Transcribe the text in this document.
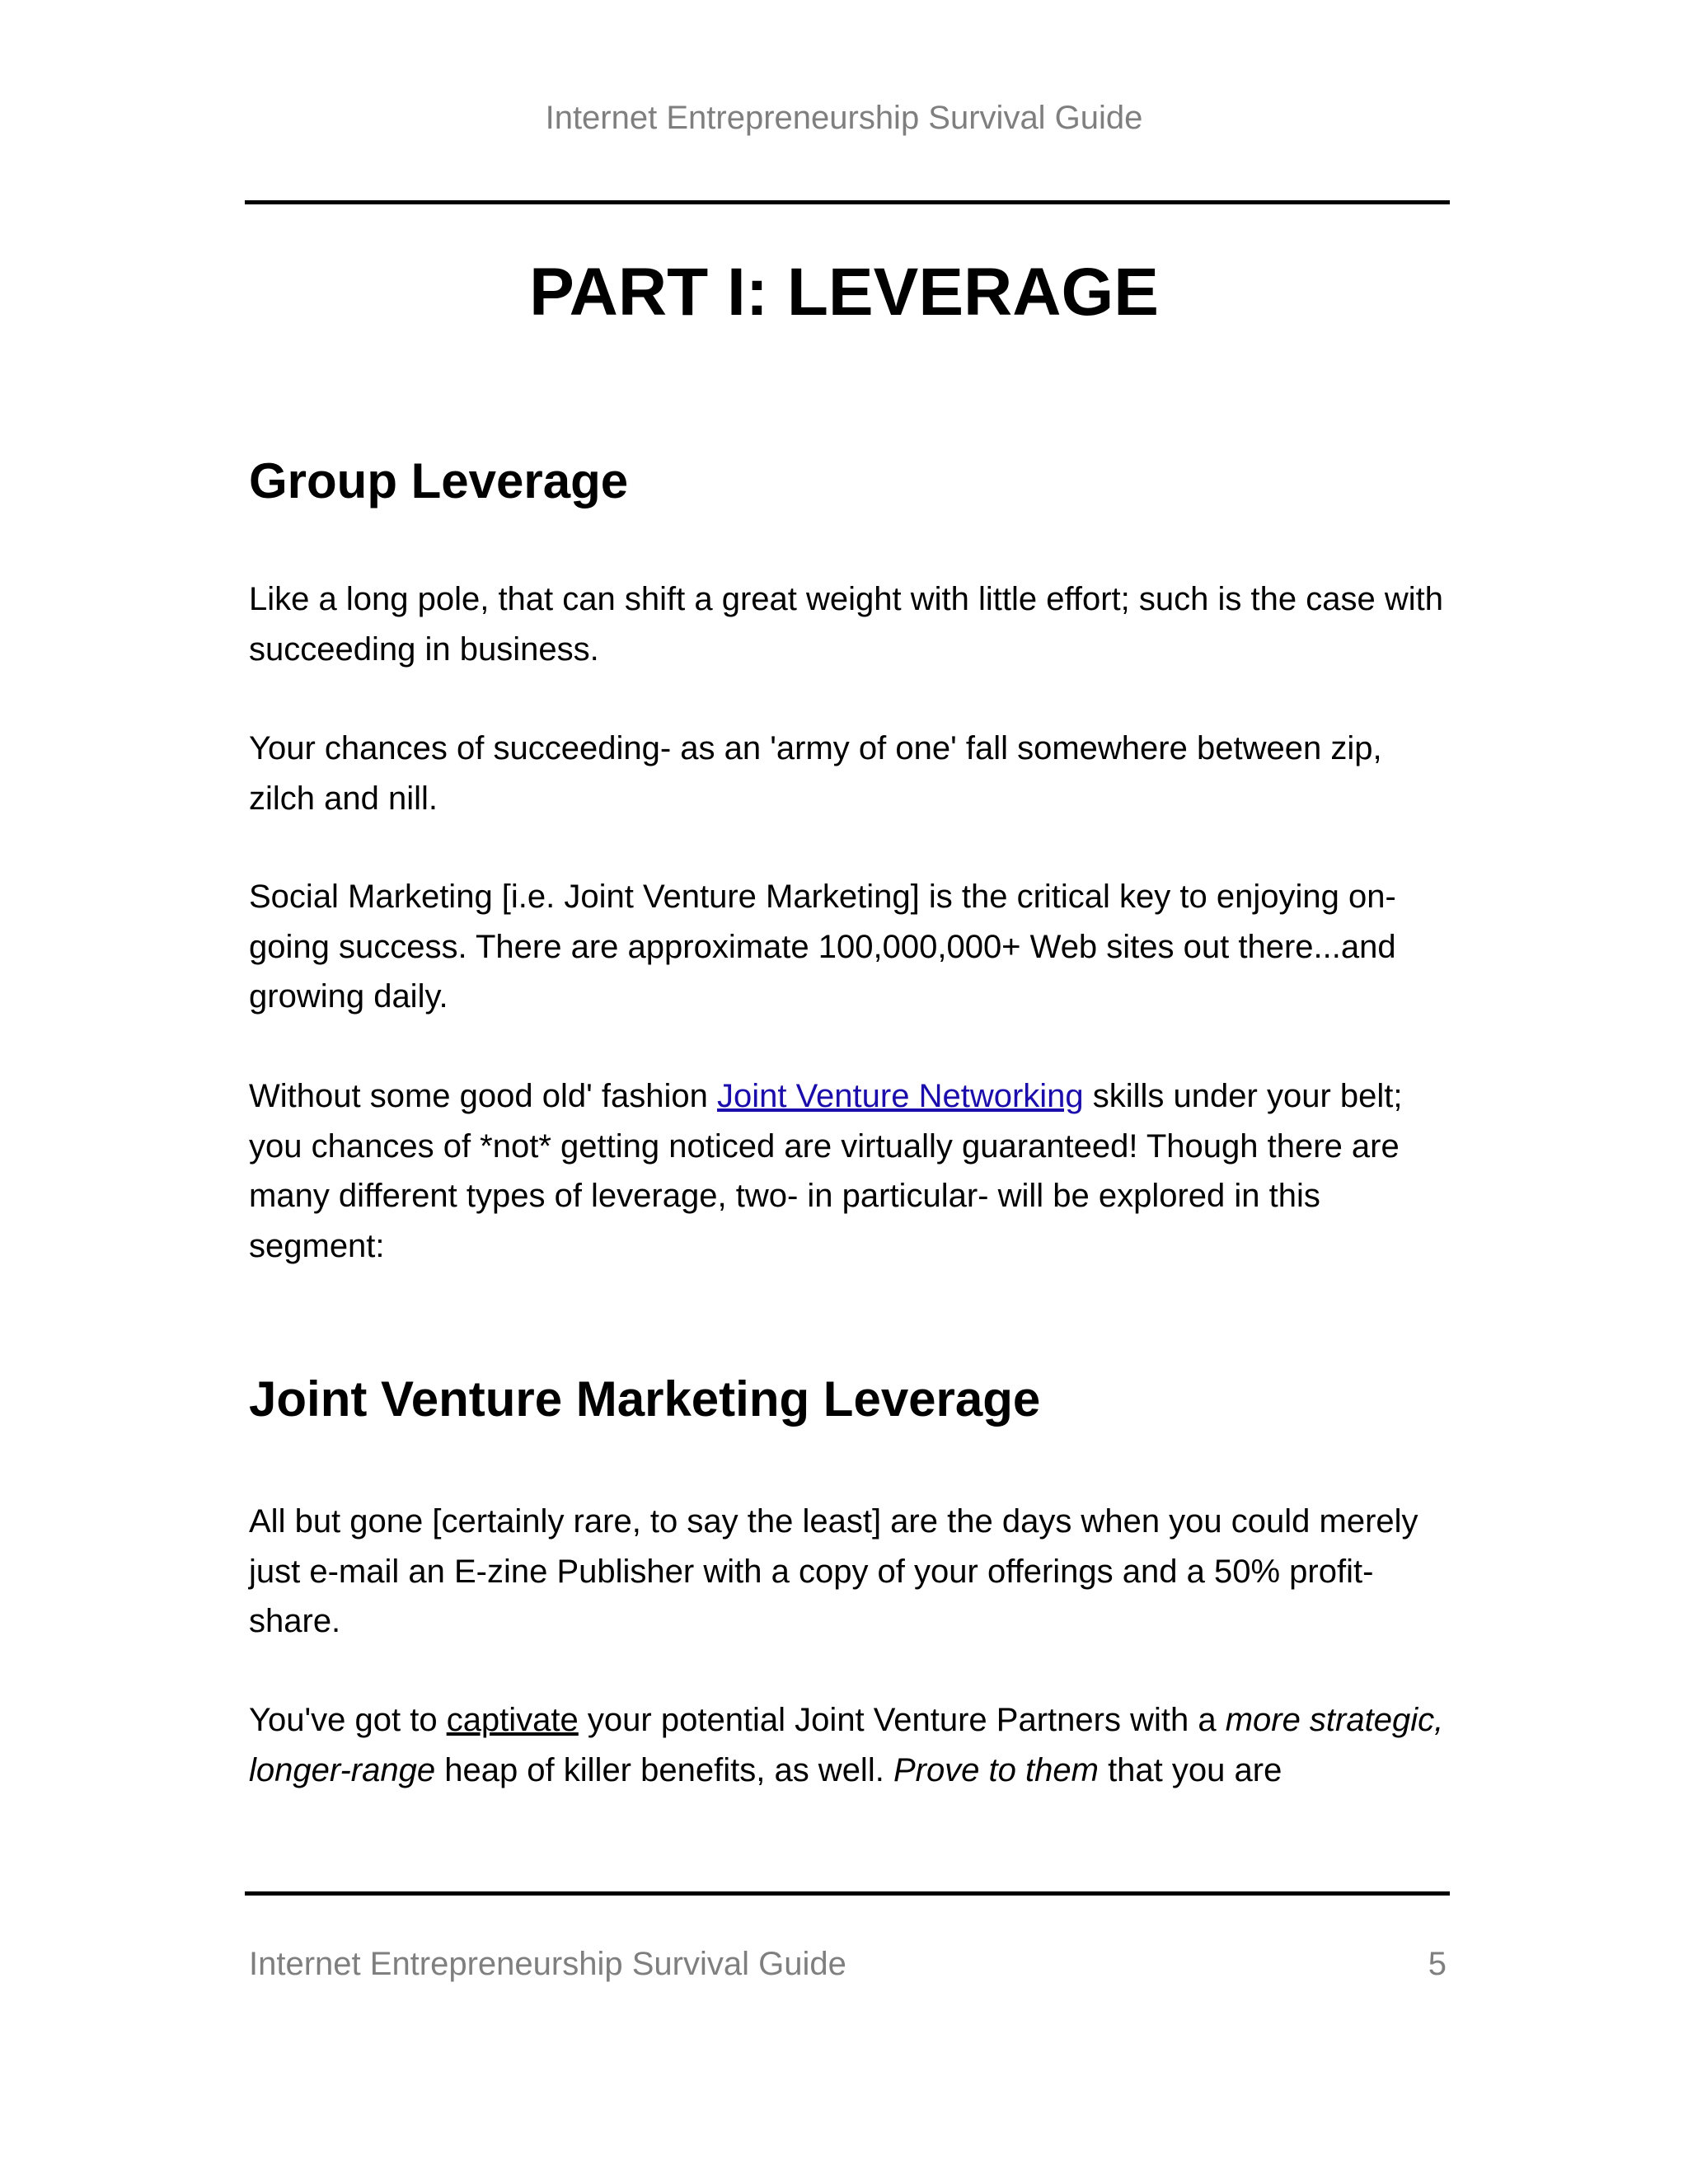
Internet Entrepreneurship Survival Guide
PART I: LEVERAGE
Group Leverage

Like a long pole, that can shift a great weight with little effort; such is the case with succeeding in business.

Your chances of succeeding- as an 'army of one' fall somewhere between zip, zilch and nill.

Social Marketing [i.e. Joint Venture Marketing] is the critical key to enjoying on-going success. There are approximate 100,000,000+ Web sites out there...and growing daily.

Without some good old' fashion Joint Venture Networking skills under your belt; you chances of *not* getting noticed are virtually guaranteed! Though there are many different types of leverage, two- in particular- will be explored in this segment:

Joint Venture Marketing Leverage

All but gone [certainly rare, to say the least] are the days when you could merely just e-mail an E-zine Publisher with a copy of your offerings and a 50% profit-share.

You've got to captivate your potential Joint Venture Partners with a more strategic, longer-range heap of killer benefits, as well. Prove to them that you are

Internet Entrepreneurship Survival Guide	5
